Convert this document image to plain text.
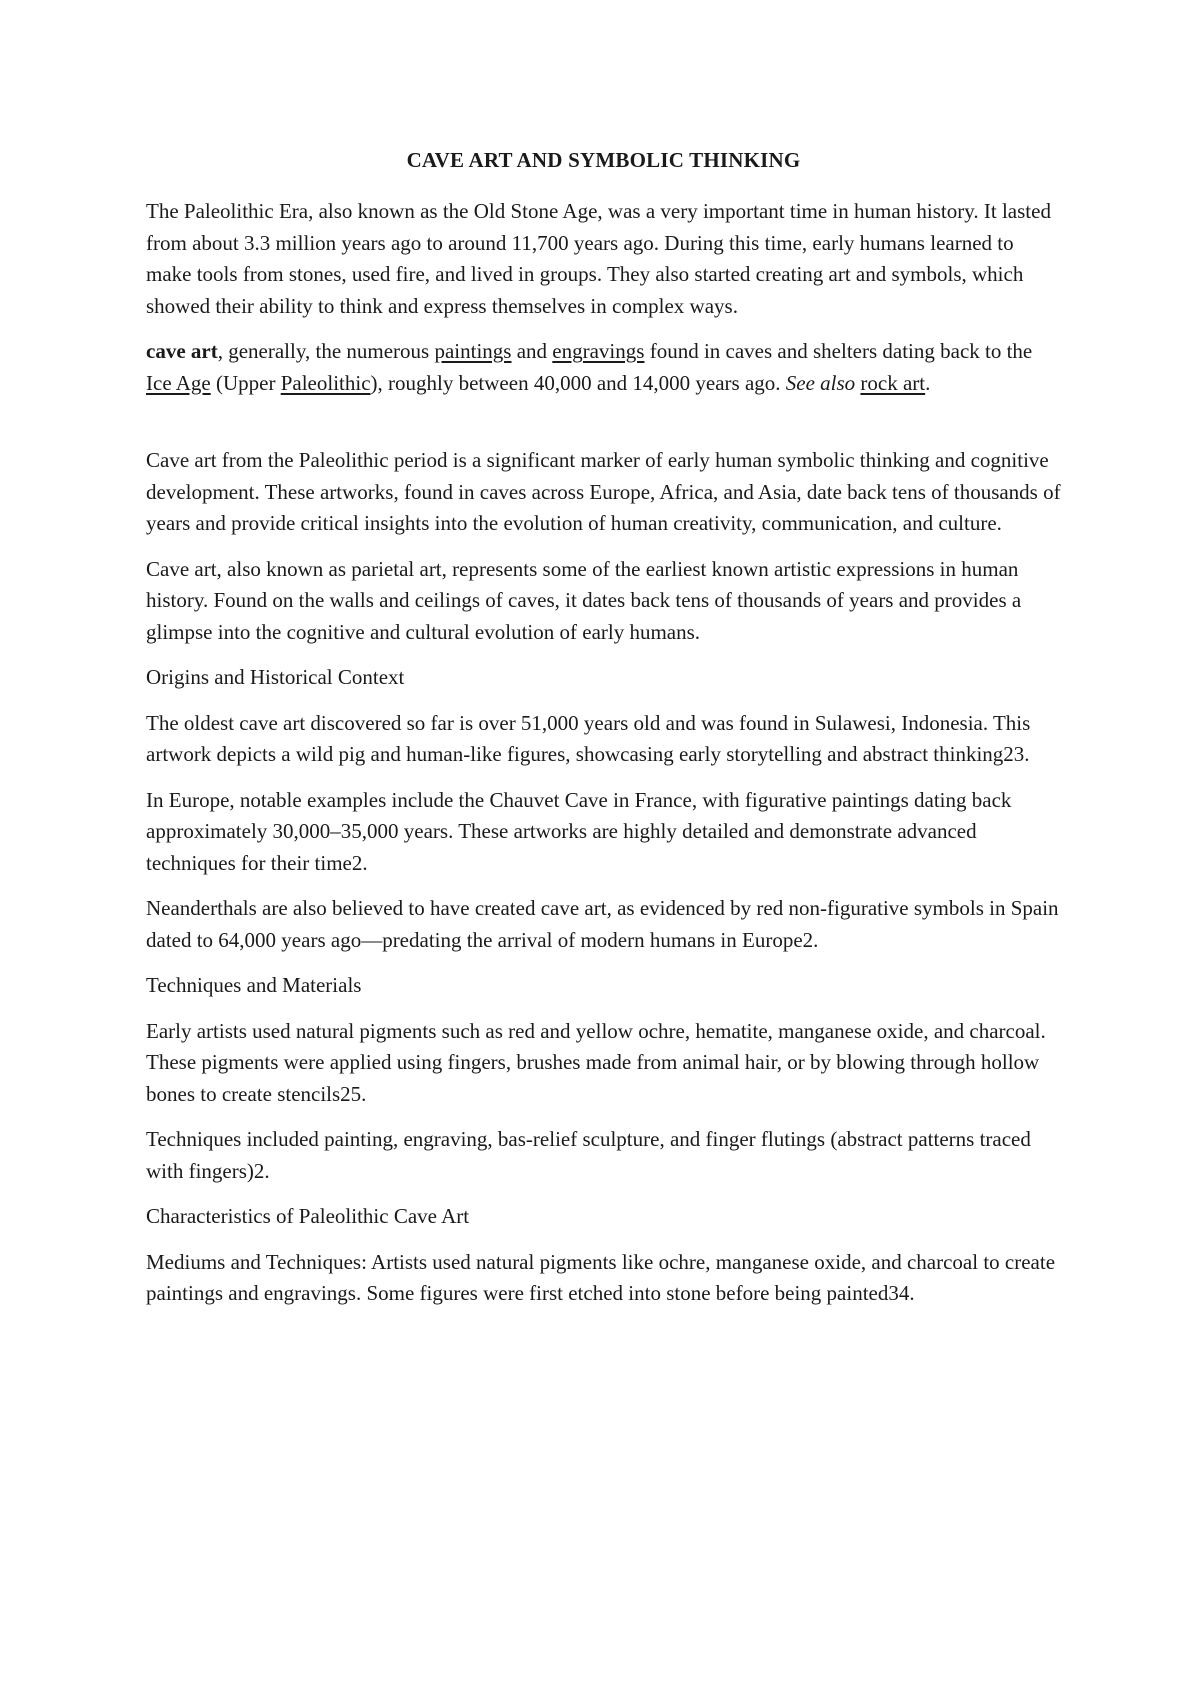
CAVE ART AND SYMBOLIC THINKING

The Paleolithic Era, also known as the Old Stone Age, was a very important time in human history. It lasted from about 3.3 million years ago to around 11,700 years ago. During this time, early humans learned to make tools from stones, used fire, and lived in groups. They also started creating art and symbols, which showed their ability to think and express themselves in complex ways.

cave art, generally, the numerous paintings and engravings found in caves and shelters dating back to the Ice Age (Upper Paleolithic), roughly between 40,000 and 14,000 years ago. See also rock art.

Cave art from the Paleolithic period is a significant marker of early human symbolic thinking and cognitive development. These artworks, found in caves across Europe, Africa, and Asia, date back tens of thousands of years and provide critical insights into the evolution of human creativity, communication, and culture.

Cave art, also known as parietal art, represents some of the earliest known artistic expressions in human history. Found on the walls and ceilings of caves, it dates back tens of thousands of years and provides a glimpse into the cognitive and cultural evolution of early humans.

Origins and Historical Context

The oldest cave art discovered so far is over 51,000 years old and was found in Sulawesi, Indonesia. This artwork depicts a wild pig and human-like figures, showcasing early storytelling and abstract thinking23.

In Europe, notable examples include the Chauvet Cave in France, with figurative paintings dating back approximately 30,000–35,000 years. These artworks are highly detailed and demonstrate advanced techniques for their time2.

Neanderthals are also believed to have created cave art, as evidenced by red non-figurative symbols in Spain dated to 64,000 years ago—predating the arrival of modern humans in Europe2.

Techniques and Materials

Early artists used natural pigments such as red and yellow ochre, hematite, manganese oxide, and charcoal. These pigments were applied using fingers, brushes made from animal hair, or by blowing through hollow bones to create stencils25.

Techniques included painting, engraving, bas-relief sculpture, and finger flutings (abstract patterns traced with fingers)2.

Characteristics of Paleolithic Cave Art

Mediums and Techniques: Artists used natural pigments like ochre, manganese oxide, and charcoal to create paintings and engravings. Some figures were first etched into stone before being painted34.
